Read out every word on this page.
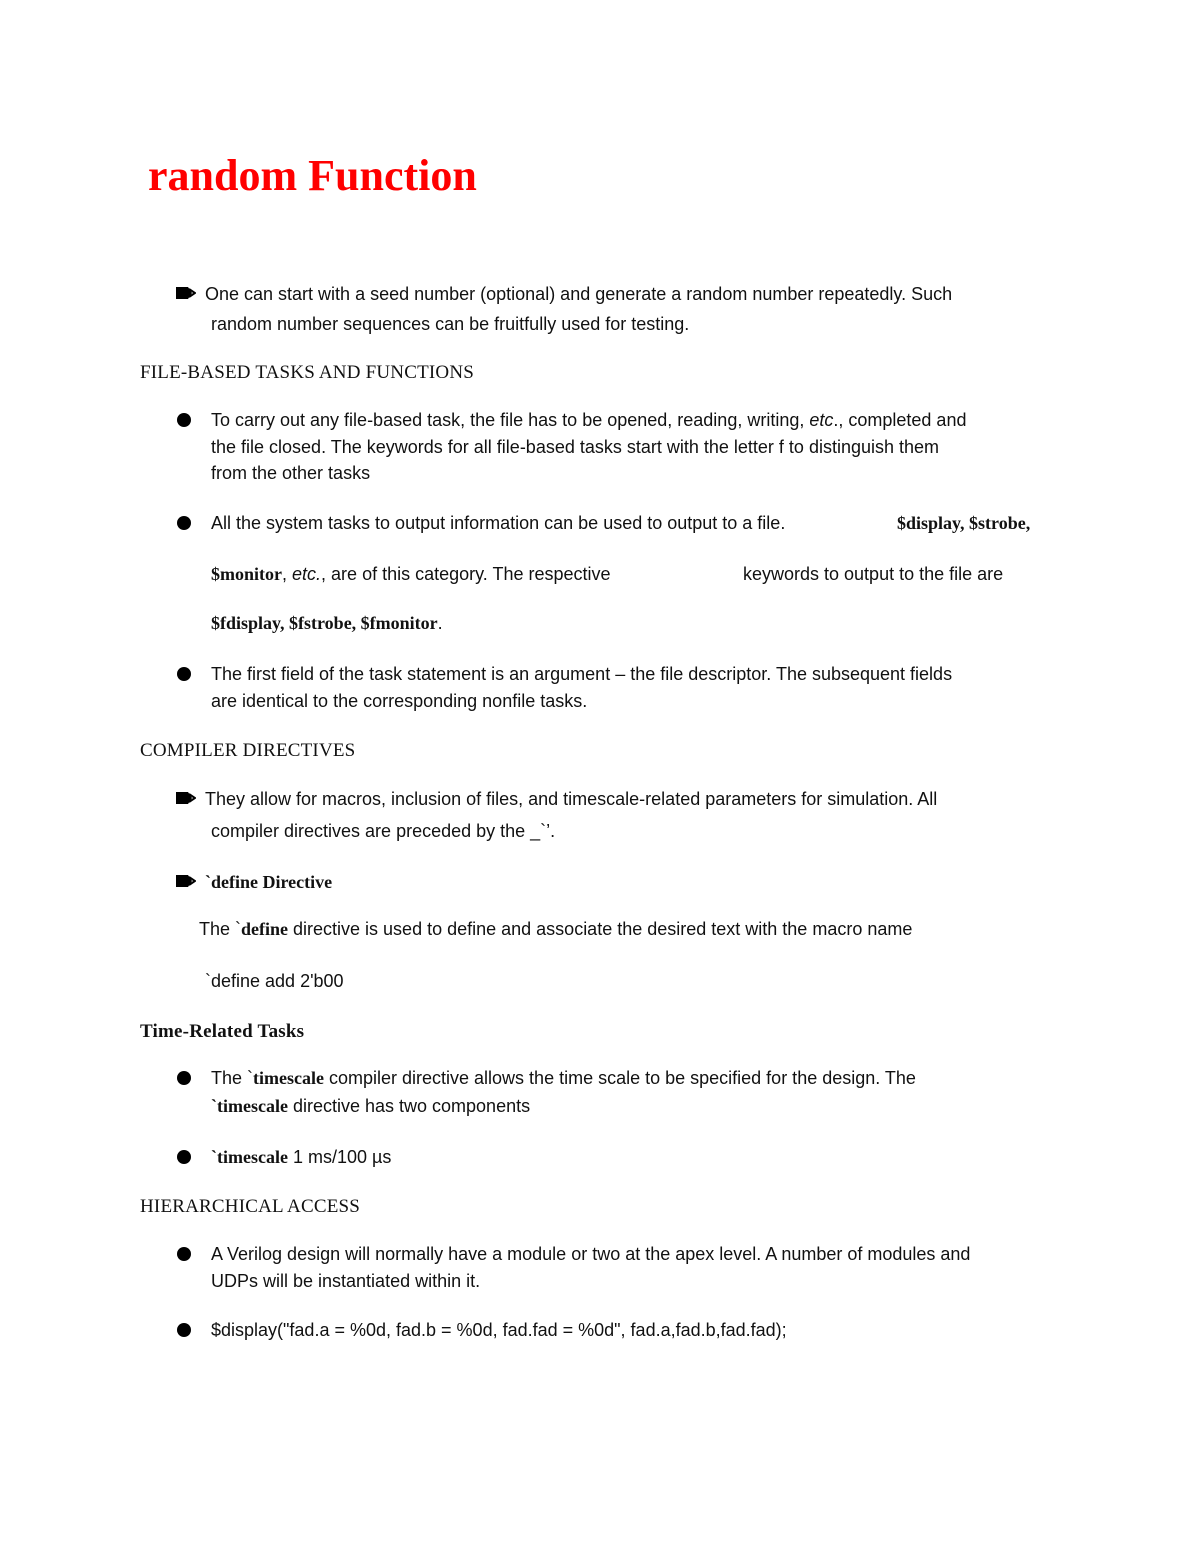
random Function

One can start with a seed number (optional) and generate a random number repeatedly. Such

random number sequences can be fruitfully used for testing.

FILE-BASED TASKS AND FUNCTIONS

To carry out any file-based task, the file has to be opened, reading, writing, etc., completed and

the file closed. The keywords for all file-based tasks start with the letter f to distinguish them

from the other tasks

All the system tasks to output information can be used to output to a file.	$display, $strobe,

$monitor, etc., are of this category. The respective	keywords to output to the file are

$fdisplay, $fstrobe, $fmonitor.

The first field of the task statement is an argument – the file descriptor. The subsequent fields

are identical to the corresponding nonfile tasks.

COMPILER DIRECTIVES

They allow for macros, inclusion of files, and timescale-related parameters for simulation. All

compiler directives are preceded by the _`’.

`define Directive

The `define directive is used to define and associate the desired text with the macro name

`define add 2'b00

Time-Related Tasks

The `timescale compiler directive allows the time scale to be specified for the design. The

`timescale directive has two components

`timescale 1 ms/100 µs

HIERARCHICAL ACCESS

A Verilog design will normally have a module or two at the apex level. A number of modules and

UDPs will be instantiated within it.

$display("fad.a = %0d, fad.b = %0d, fad.fad = %0d", fad.a,fad.b,fad.fad);
